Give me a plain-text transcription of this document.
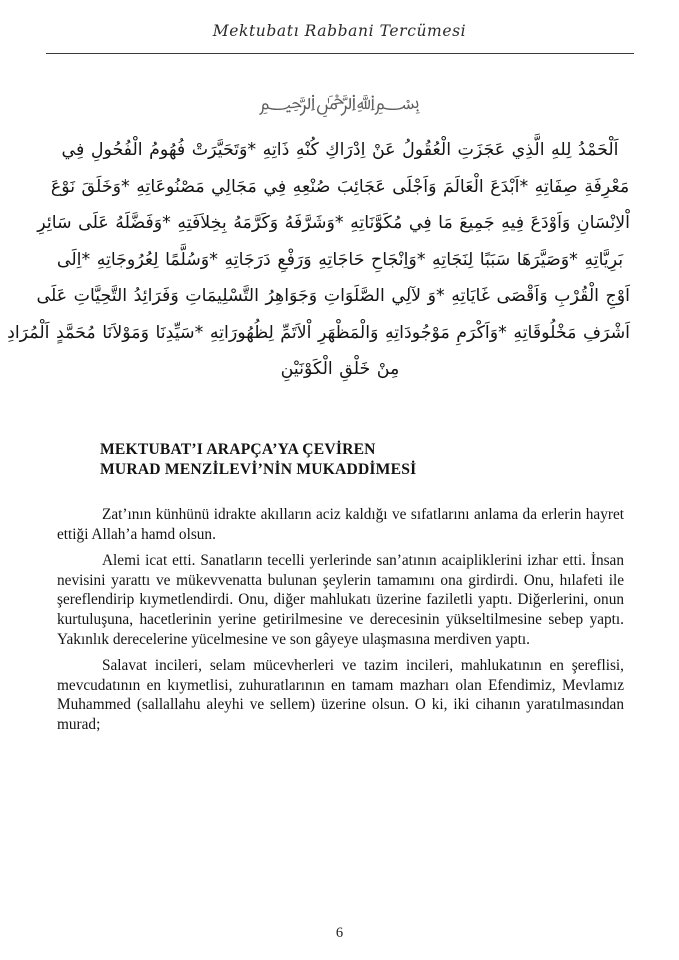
Mektubatı Rabbani Tercümesi
﷽
اَلْحَمْدُ لِلهِ الَّذِي عَجَزَتِ الْعُقُولُ عَنْ اِدْرَاكِ كُنْهِ ذَاتِهِ *وَتَحَيَّرَتْ فُهُومُ الْفُحُولِ فِي
مَعْرِفَةِ صِفَاتِهِ *اَبْدَعَ الْعَالَمَ وَاَجْلَى عَجَائِبَ صُنْعِهِ فِي مَجَالِي مَصْنُوعَاتِهِ *وَخَلَقَ نَوْعَ
اْلاِنْسَانِ وَاَوْدَعَ فِيهِ جَمِيعَ مَا فِي مُكَوَّنَاتِهِ *وَشَرَّفَهُ وَكَرَّمَهُ بِخِلاَفَتِهِ *وَفَضَّلَهُ عَلَى سَائِرِ
بَرِيَّاتِهِ *وَصَيَّرَهَا سَبَبًا لِنَجَاتِهِ *وَاِنْجَاحِ حَاجَاتِهِ وَرَفْعِ دَرَجَاتِهِ *وَسُلَّمًا لِعُرُوجَاتِهِ *اِلَى
اَوْجِ الْقُرْبِ وَاَقْصَى غَايَاتِهِ *وَ لآلِي الصَّلَوَاتِ وَجَوَاهِرُ التَّسْلِيمَاتِ وَفَرَائِدُ التَّحِيَّاتِ عَلَى
اَشْرَفِ مَخْلُوقَاتِهِ *وَاَكْرَمِ مَوْجُودَاتِهِ وَالْمَظْهَرِ اْلاَتَمِّ لِظُهُورَاتِهِ *سَيِّدِنَا وَمَوْلاَنَا مُحَمَّدٍ اَلْمُرَادِ
مِنْ خَلْقِ الْكَوْنَيْنِ
MEKTUBAT’I ARAPÇA’YA ÇEVİREN
MURAD MENZİLEVİ’NİN MUKADDİMESİ

Zat’ının künhünü idrakte akılların aciz kaldığı ve sıfatlarını anlama da erlerin hayret ettiği Allah’a hamd olsun.

Alemi icat etti. Sanatların tecelli yerlerinde san’atının acaipliklerini izhar etti. İnsan nevisini yarattı ve mükevvenatta bulunan şeylerin tamamını ona girdirdi. Onu, hılafeti ile şereflendirip kıymetlendirdi. Onu, diğer mahlukatı üzerine faziletli yaptı. Diğerlerini, onun kurtuluşuna, hacetlerinin yerine getirilmesine ve derecesinin yükseltilmesine sebep yaptı. Yakınlık derecelerine yücelmesine ve son gâyeye ulaşmasına merdiven yaptı.

Salavat incileri, selam mücevherleri ve tazim incileri, mahlukatının en şereflisi, mevcudatının en kıymetlisi, zuhuratlarının en tamam mazharı olan Efendimiz, Mevlamız Muhammed (sallallahu aleyhi ve sellem) üzerine olsun. O ki, iki cihanın yaratılmasından murad;

6
